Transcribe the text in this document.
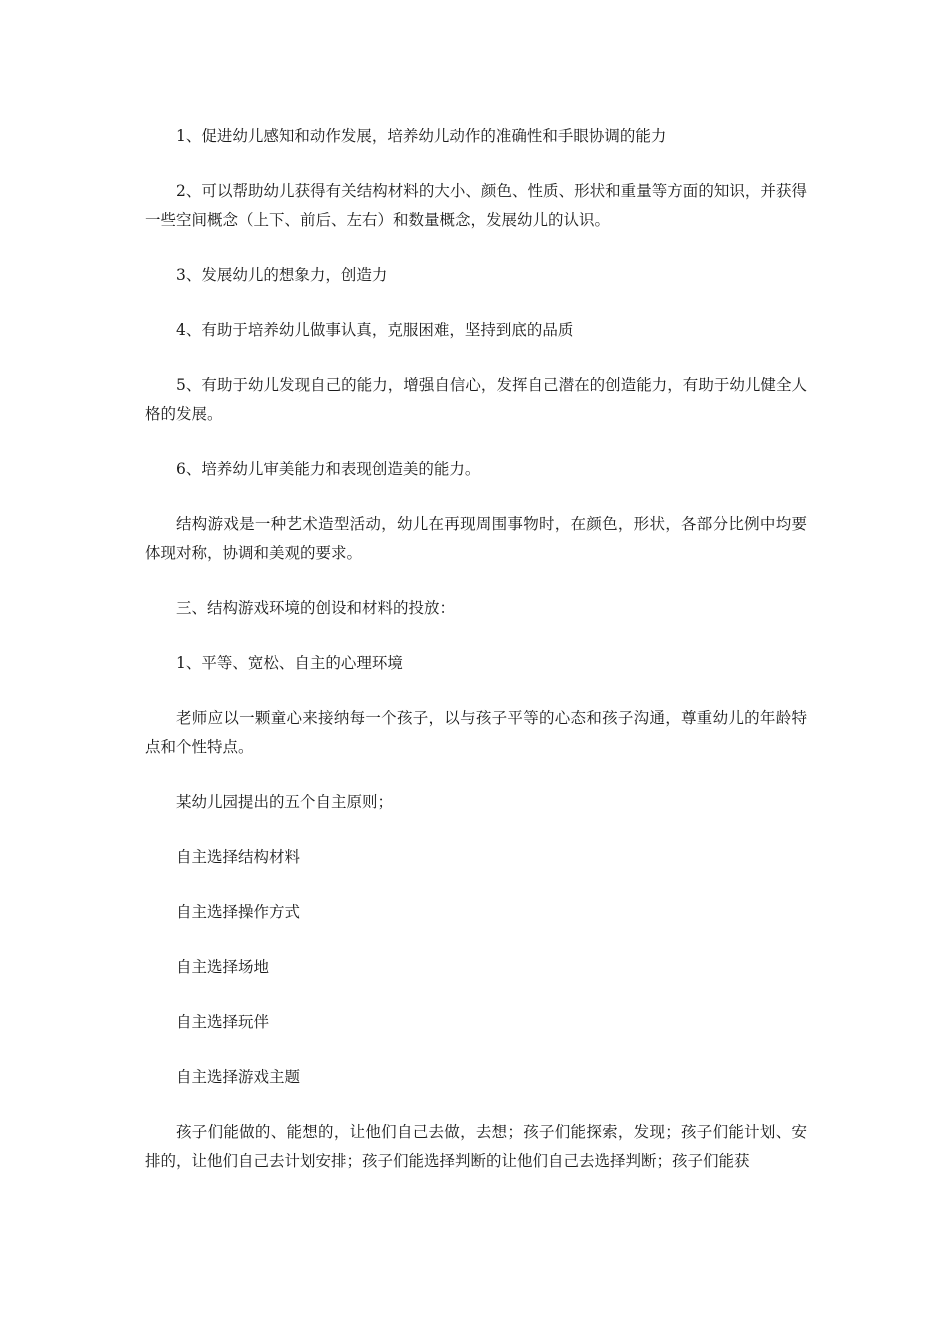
1、促进幼儿感知和动作发展，培养幼儿动作的准确性和手眼协调的能力

2、可以帮助幼儿获得有关结构材料的大小、颜色、性质、形状和重量等方面的知识，并获得一些空间概念（上下、前后、左右）和数量概念，发展幼儿的认识。

3、发展幼儿的想象力，创造力

4、有助于培养幼儿做事认真，克服困难，坚持到底的品质

5、有助于幼儿发现自己的能力，增强自信心，发挥自己潜在的创造能力，有助于幼儿健全人格的发展。

6、培养幼儿审美能力和表现创造美的能力。

结构游戏是一种艺术造型活动，幼儿在再现周围事物时，在颜色，形状，各部分比例中均要体现对称，协调和美观的要求。

三、结构游戏环境的创设和材料的投放：

1、平等、宽松、自主的心理环境

老师应以一颗童心来接纳每一个孩子，以与孩子平等的心态和孩子沟通，尊重幼儿的年龄特点和个性特点。

某幼儿园提出的五个自主原则；

自主选择结构材料

自主选择操作方式

自主选择场地

自主选择玩伴

自主选择游戏主题

孩子们能做的、能想的，让他们自己去做，去想；孩子们能探索，发现；孩子们能计划、安排的，让他们自己去计划安排；孩子们能选择判断的让他们自己去选择判断；孩子们能获
